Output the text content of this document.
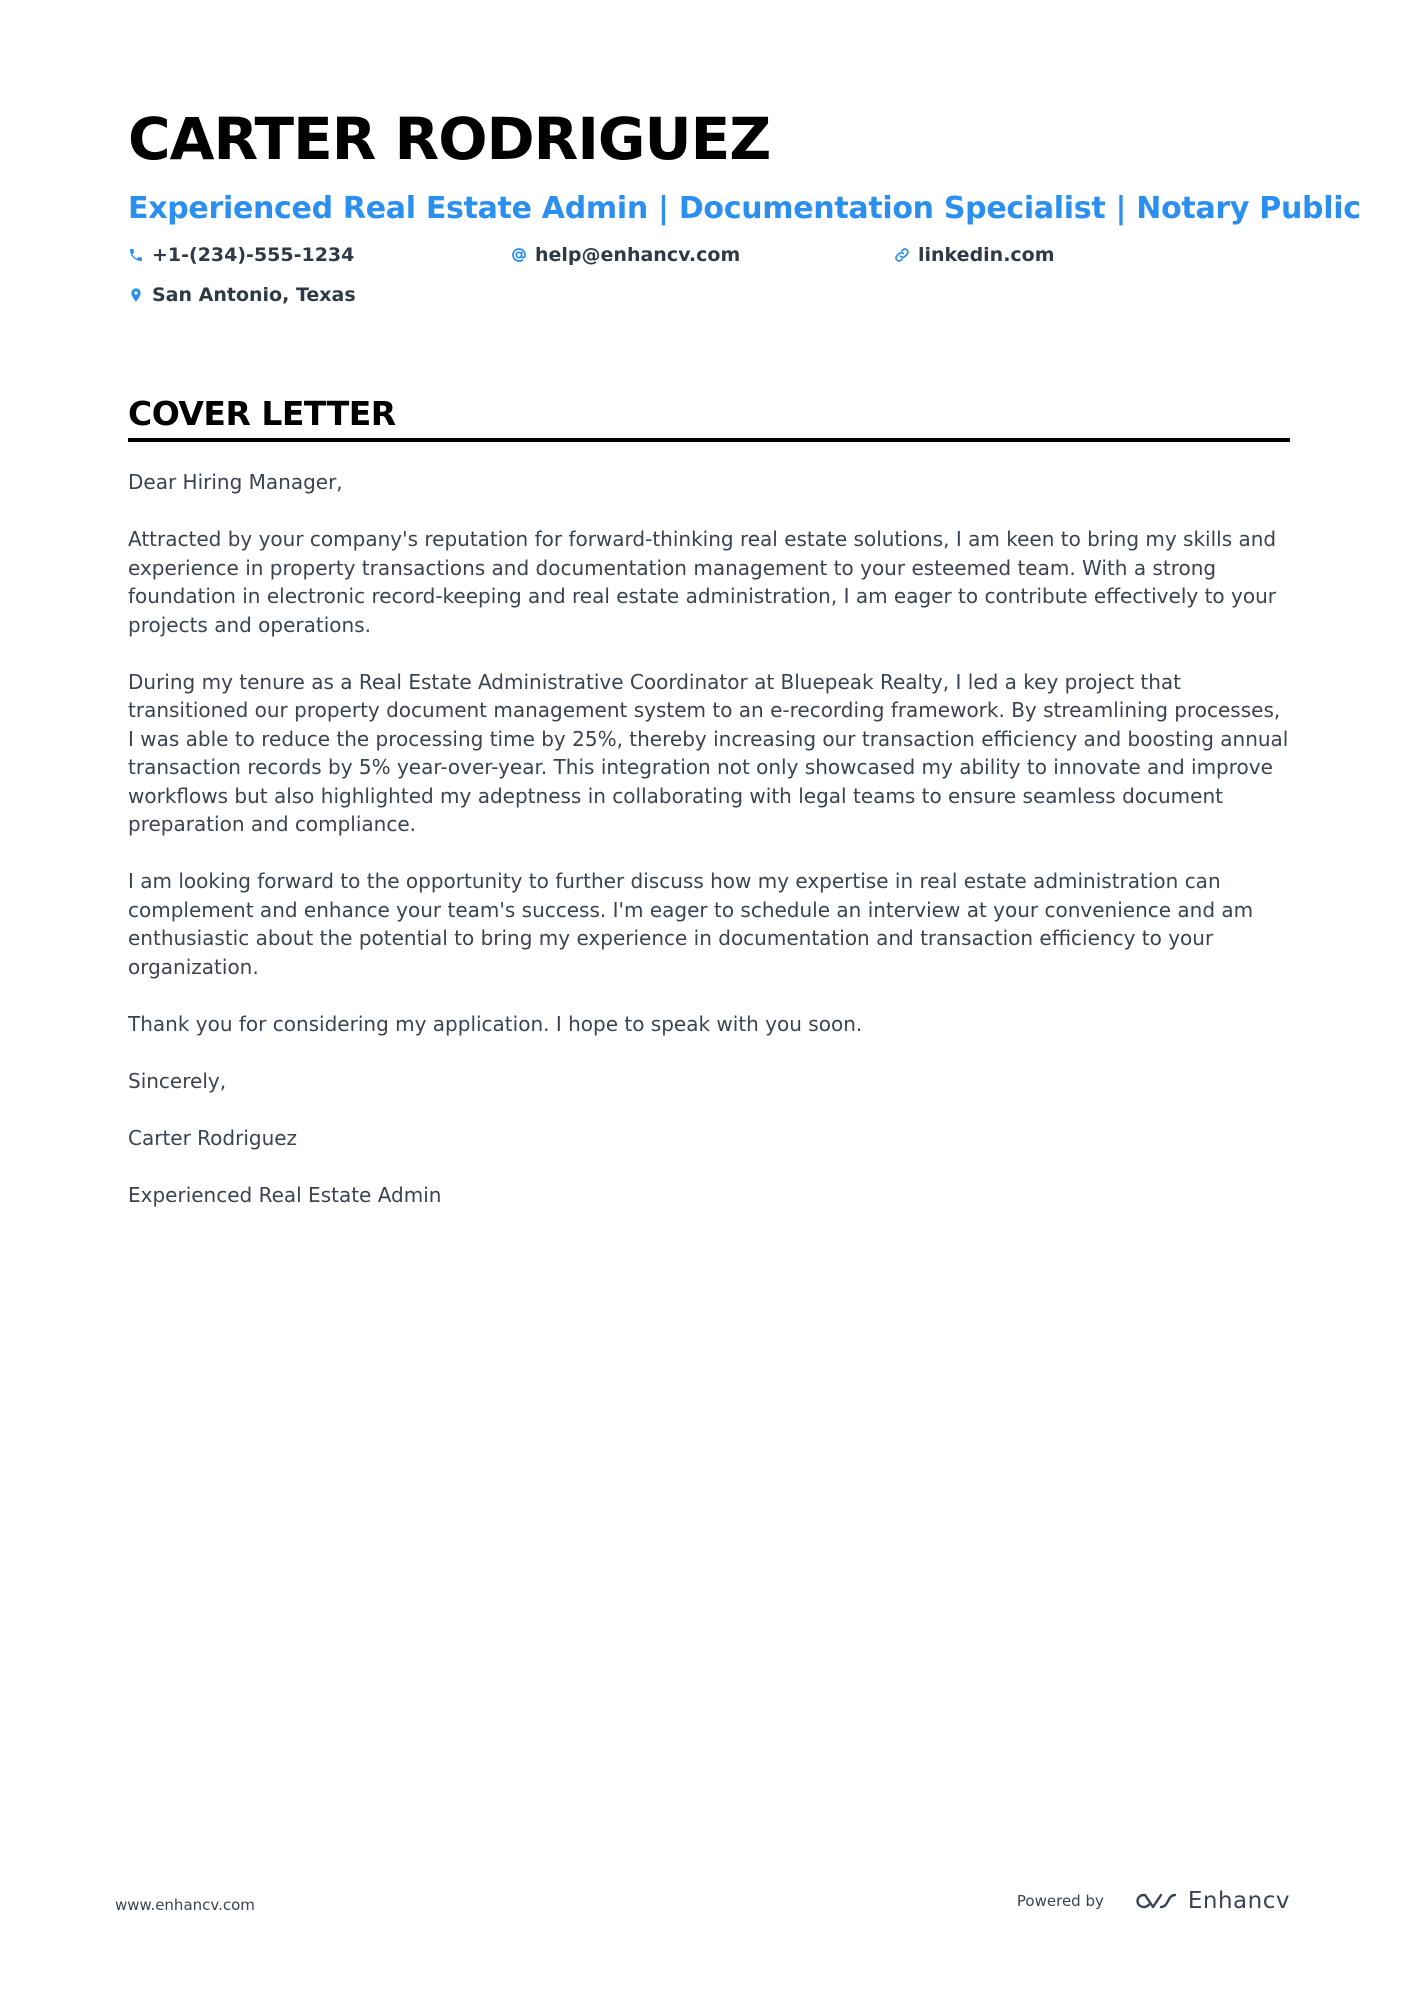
CARTER RODRIGUEZ
Experienced Real Estate Admin | Documentation Specialist | Notary Public
+1-(234)-555-1234	help@enhancv.com	linkedin.com
San Antonio, Texas
COVER LETTER

Dear Hiring Manager,

Attracted by your company's reputation for forward-thinking real estate solutions, I am keen to bring my skills and experience in property transactions and documentation management to your esteemed team. With a strong foundation in electronic record-keeping and real estate administration, I am eager to contribute effectively to your projects and operations.

During my tenure as a Real Estate Administrative Coordinator at Bluepeak Realty, I led a key project that transitioned our property document management system to an e-recording framework. By streamlining processes, I was able to reduce the processing time by 25%, thereby increasing our transaction efficiency and boosting annual transaction records by 5% year-over-year. This integration not only showcased my ability to innovate and improve workflows but also highlighted my adeptness in collaborating with legal teams to ensure seamless document preparation and compliance.

I am looking forward to the opportunity to further discuss how my expertise in real estate administration can complement and enhance your team's success. I'm eager to schedule an interview at your convenience and am enthusiastic about the potential to bring my experience in documentation and transaction efficiency to your organization.

Thank you for considering my application. I hope to speak with you soon.

Sincerely,

Carter Rodriguez

Experienced Real Estate Admin

www.enhancv.com	Powered by	Enhancv
